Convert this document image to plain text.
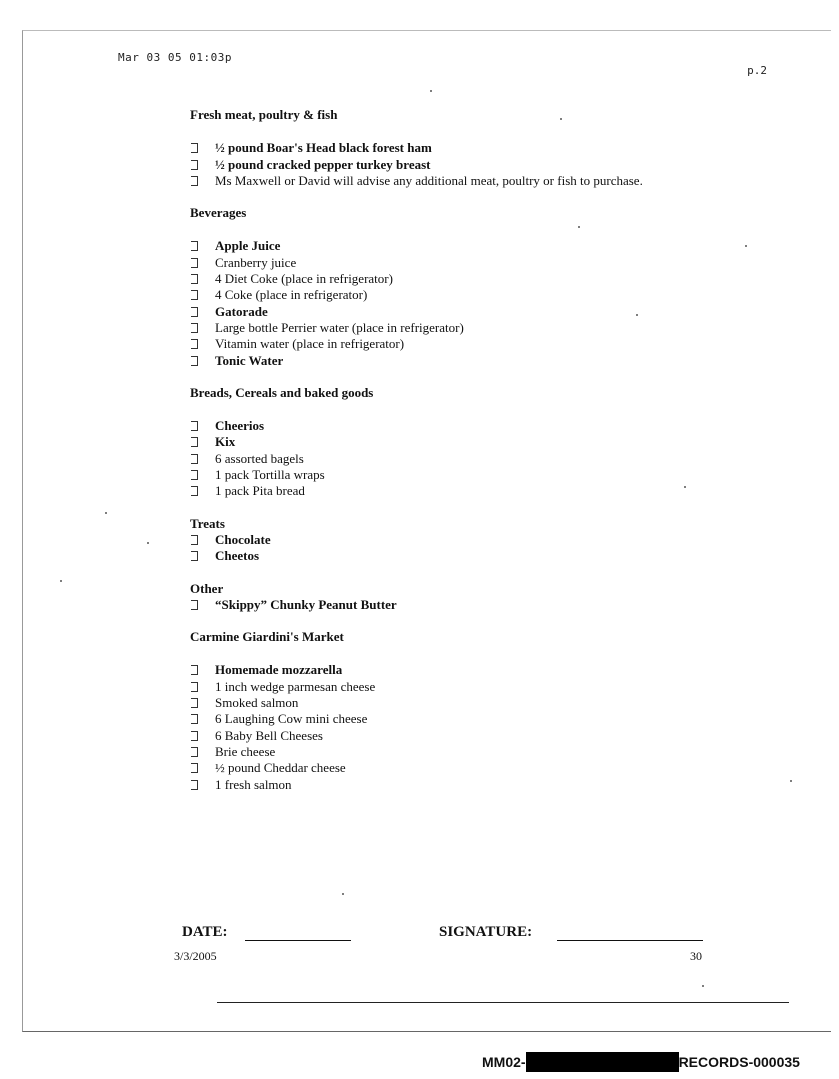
Mar 03 05 01:03p
p.2
Fresh meat, poultry & fish
½ pound Boar's Head black forest ham
½ pound cracked pepper turkey breast
Ms Maxwell or David will advise any additional meat, poultry or fish to purchase.
Beverages
Apple Juice
Cranberry juice
4 Diet Coke (place in refrigerator)
4 Coke (place in refrigerator)
Gatorade
Large bottle Perrier water (place in refrigerator)
Vitamin water (place in refrigerator)
Tonic Water
Breads, Cereals and baked goods
Cheerios
Kix
6 assorted bagels
1 pack Tortilla wraps
1 pack Pita bread
Treats
Chocolate
Cheetos
Other
“Skippy” Chunky Peanut Butter
Carmine Giardini's Market
Homemade mozzarella
1 inch wedge parmesan cheese
Smoked salmon
6 Laughing Cow mini cheese
6 Baby Bell Cheeses
Brie cheese
½ pound Cheddar cheese
1 fresh salmon
DATE:	SIGNATURE:
3/3/2005	30
MM02-	RECORDS-000035
